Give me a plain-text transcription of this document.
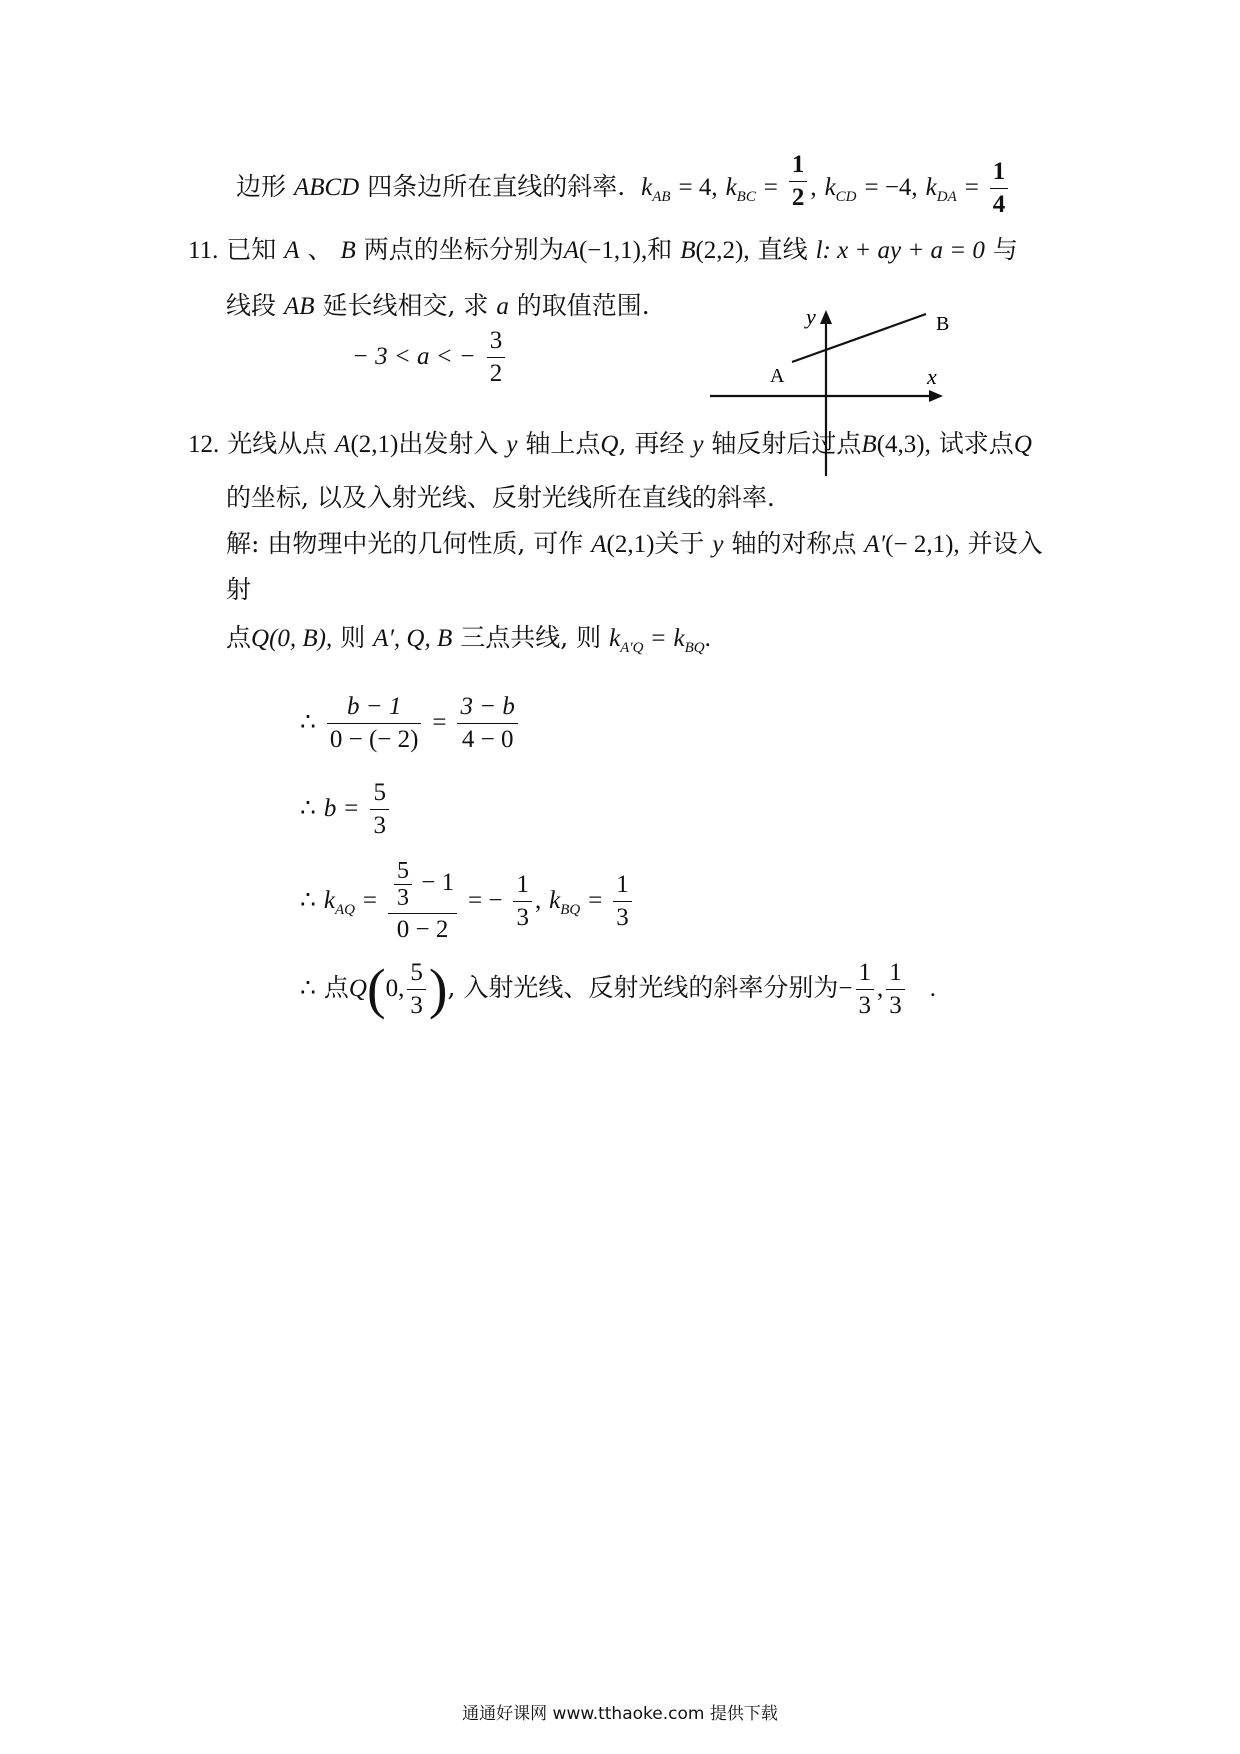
边形 ABCD 四条边所在直线的斜率. $k_{AB} = 4$, $k_{BC} = \frac{1}{2}$ , $k_{CD} = -4$, $k_{DA} = \frac{1}{4}$
11. 已知 A 、 B 两点的坐标分别为A(−1,1),和 B(2,2), 直线 l: x + ay + a = 0 与
线段 AB 延长线相交, 求 a 的取值范围.
− 3 < a < − $\frac{3}{2}$
y
x
A
B
12. 光线从点 A(2,1)出发射入 y 轴上点Q, 再经 y 轴反射后过点B(4,3), 试求点Q
的坐标, 以及入射光线、反射光线所在直线的斜率.
解: 由物理中光的几何性质, 可作 A(2,1)关于 y 轴的对称点 A′(− 2,1), 并设入
射
点Q(0, B), 则 A′, Q, B 三点共线, 则 $k_{A'Q} = k_{BQ}$.
∴ $\frac{b - 1}{0 - (- 2)} = \frac{3 - b}{4 - 0}$
∴ $b = \frac{5}{3}$
∴ $k_{AQ} = \frac{\frac{5}{3} - 1}{0 - 2}$ = − $\frac{1}{3}$ , $k_{BQ} = \frac{1}{3}$
∴ 点Q(0, $\frac{5}{3}$ ), 入射光线、反射光线的斜率分别为− $\frac{1}{3}$ , $\frac{1}{3}$ .
通通好课网 www.tthaoke.com 提供下载
